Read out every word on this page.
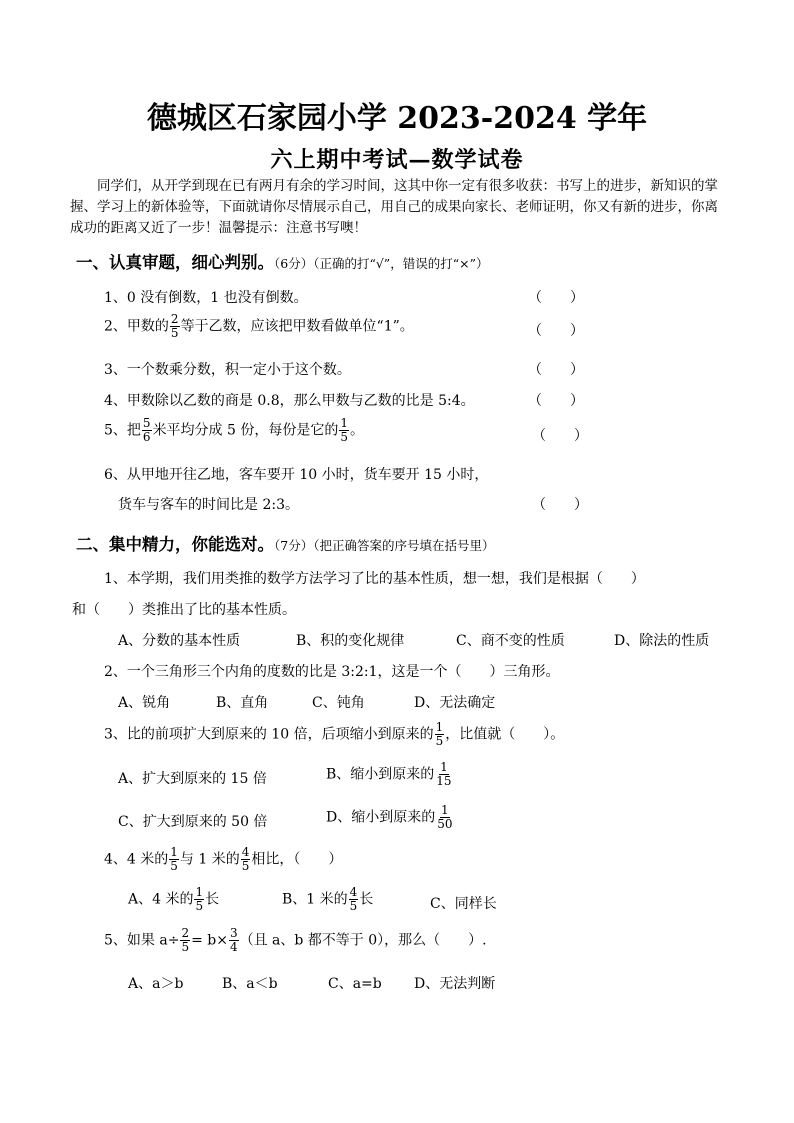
德城区石家园小学 2023-2024 学年
六上期中考试—数学试卷
同学们，从开学到现在已有两月有余的学习时间，这其中你一定有很多收获：书写上的进步，新知识的掌握、学习上的新体验等，下面就请你尽情展示自己，用自己的成果向家长、老师证明，你又有新的进步，你离成功的距离又近了一步！温馨提示：注意书写噢！
一、认真审题，细心判别。（6分）（正确的打“√”，错误的打“×”）
1、0 没有倒数，1 也没有倒数。	（　　）
2、甲数的 $\frac{2}{5}$ 等于乙数，应该把甲数看做单位“1”。	（　　）
3、一个数乘分数，积一定小于这个数。	（　　）
4、甲数除以乙数的商是 0.8，那么甲数与乙数的比是 5:4。	（　　）
5、把 $\frac{5}{6}$ 米平均分成 5 份，每份是它的 $\frac{1}{5}$ 。	（　　）
6、从甲地开往乙地，客车要开 10 小时，货车要开 15 小时，
货车与客车的时间比是 2:3。	（　　）
二、集中精力，你能选对。（7分）（把正确答案的序号填在括号里）
1、本学期，我们用类推的数学方法学习了比的基本性质，想一想，我们是根据（　　）
和（　　）类推出了比的基本性质。
A、分数的基本性质	B、积的变化规律	C、商不变的性质	D、除法的性质
2、一个三角形三个内角的度数的比是 3:2:1，这是一个（　　）三角形。
A、锐角	B、直角	C、钝角	D、无法确定
3、比的前项扩大到原来的 10 倍，后项缩小到原来的 $\frac{1}{5}$ ，比值就（　　）。
A、扩大到原来的 15 倍	B、缩小到原来的 $\frac{1}{15}$
C、扩大到原来的 50 倍	D、缩小到原来的 $\frac{1}{50}$
4、4 米的 $\frac{1}{5}$ 与 1 米的 $\frac{4}{5}$ 相比，（　　）
A、4 米的 $\frac{1}{5}$ 长	B、1 米的 $\frac{4}{5}$ 长	C、同样长
5、如果 $a\div \frac{2}{5} = b\times \frac{3}{4}$ （且 a、b 都不等于 0），那么（　　）.
A、a＞b	B、a＜b	C、a=b D、无法判断
